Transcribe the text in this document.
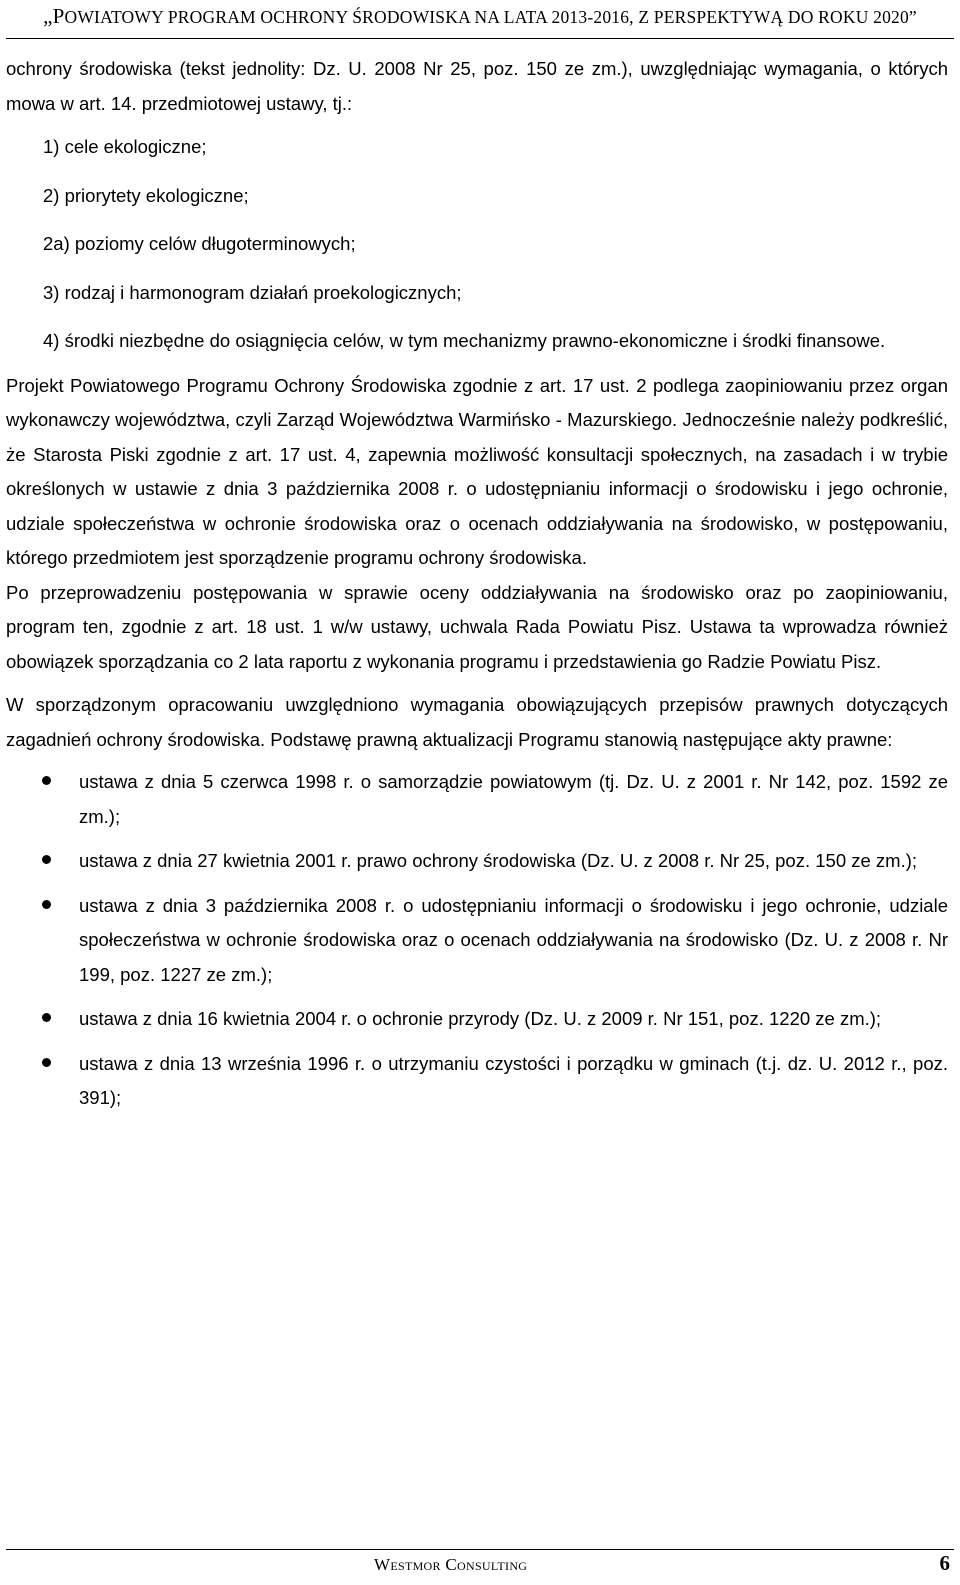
„POWIATOWY PROGRAM OCHRONY ŚRODOWISKA NA LATA 2013-2016, Z PERSPEKTYWĄ DO ROKU 2020”

ochrony środowiska (tekst jednolity: Dz. U. 2008 Nr 25, poz. 150 ze zm.), uwzględniając wymagania, o których mowa w art. 14. przedmiotowej ustawy, tj.:

1) cele ekologiczne;
2) priorytety ekologiczne;
2a) poziomy celów długoterminowych;
3) rodzaj i harmonogram działań proekologicznych;
4) środki niezbędne do osiągnięcia celów, w tym mechanizmy prawno-ekonomiczne i środki finansowe.

Projekt Powiatowego Programu Ochrony Środowiska zgodnie z art. 17 ust. 2 podlega zaopiniowaniu przez organ wykonawczy województwa, czyli Zarząd Województwa Warmińsko - Mazurskiego. Jednocześnie należy podkreślić, że Starosta Piski zgodnie z art. 17 ust. 4, zapewnia możliwość konsultacji społecznych, na zasadach i w trybie określonych w ustawie z dnia 3 października 2008 r. o udostępnianiu informacji o środowisku i jego ochronie, udziale społeczeństwa w ochronie środowiska oraz o ocenach oddziaływania na środowisko, w postępowaniu, którego przedmiotem jest sporządzenie programu ochrony środowiska.

Po przeprowadzeniu postępowania w sprawie oceny oddziaływania na środowisko oraz po zaopiniowaniu, program ten, zgodnie z art. 18 ust. 1 w/w ustawy, uchwala Rada Powiatu Pisz. Ustawa ta wprowadza również obowiązek sporządzania co 2 lata raportu z wykonania programu i przedstawienia go Radzie Powiatu Pisz.

W sporządzonym opracowaniu uwzględniono wymagania obowiązujących przepisów prawnych dotyczących zagadnień ochrony środowiska. Podstawę prawną aktualizacji Programu stanowią następujące akty prawne:

ustawa z dnia 5 czerwca 1998 r. o samorządzie powiatowym (tj. Dz. U. z 2001 r. Nr 142, poz. 1592 ze zm.);
ustawa z dnia 27 kwietnia 2001 r. prawo ochrony środowiska (Dz. U. z 2008 r. Nr 25, poz. 150 ze zm.);
ustawa z dnia 3 października 2008 r. o udostępnianiu informacji o środowisku i jego ochronie, udziale społeczeństwa w ochronie środowiska oraz o ocenach oddziaływania na środowisko (Dz. U. z 2008 r. Nr 199, poz. 1227 ze zm.);
ustawa z dnia 16 kwietnia 2004 r. o ochronie przyrody (Dz. U. z 2009 r. Nr 151, poz. 1220 ze zm.);
ustawa z dnia 13 września 1996 r. o utrzymaniu czystości i porządku w gminach (t.j. dz. U. 2012 r., poz. 391);
Westmor Consulting	6
